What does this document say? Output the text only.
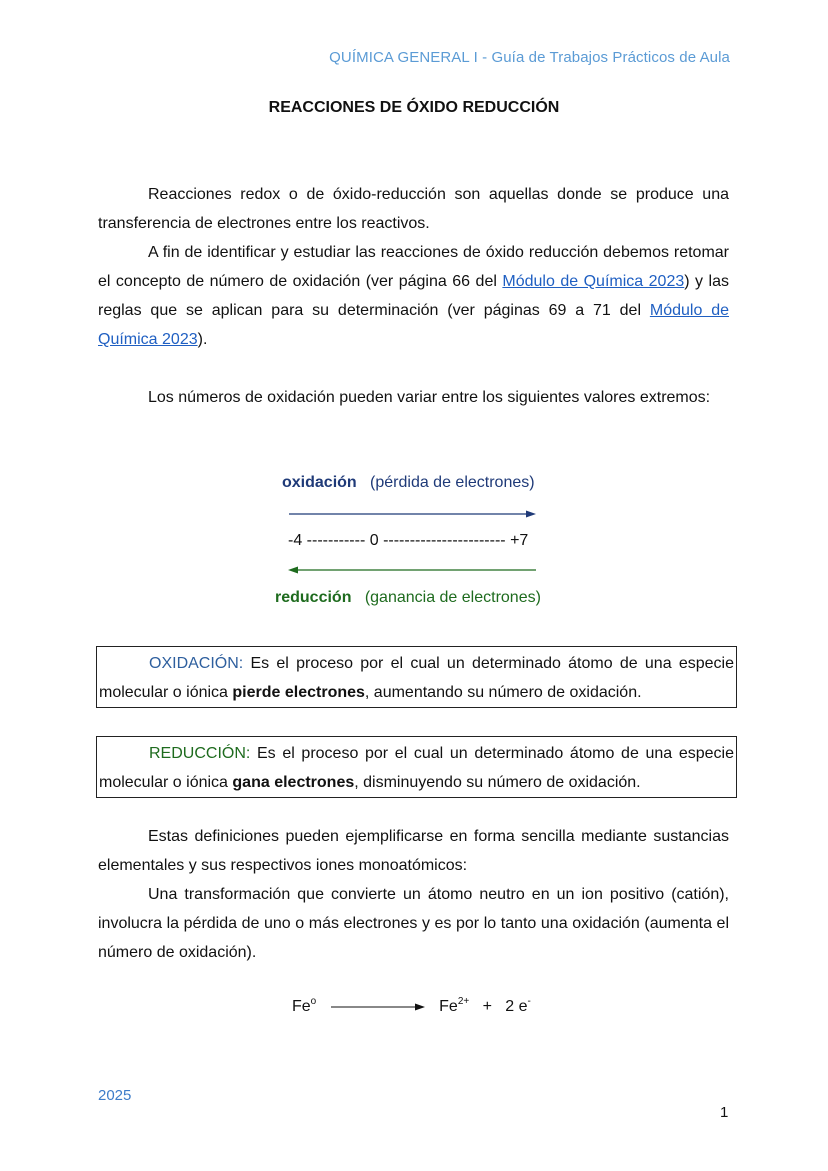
QUÍMICA GENERAL I - Guía de Trabajos Prácticos de Aula
REACCIONES DE ÓXIDO REDUCCIÓN

Reacciones redox o de óxido-reducción son aquellas donde se produce una transferencia de electrones entre los reactivos.

A fin de identificar y estudiar las reacciones de óxido reducción debemos retomar el concepto de número de oxidación (ver página 66 del Módulo de Química 2023) y las reglas que se aplican para su determinación (ver páginas 69 a 71 del Módulo de Química 2023).

Los números de oxidación pueden variar entre los siguientes valores extremos:

oxidación (pérdida de electrones)
-4 ----------- 0 ----------------------- +7
reducción (ganancia de electrones)
OXIDACIÓN: Es el proceso por el cual un determinado átomo de una especie molecular o iónica pierde electrones, aumentando su número de oxidación.
REDUCCIÓN: Es el proceso por el cual un determinado átomo de una especie molecular o iónica gana electrones, disminuyendo su número de oxidación.

Estas definiciones pueden ejemplificarse en forma sencilla mediante sustancias elementales y sus respectivos iones monoatómicos:

Una transformación que convierte un átomo neutro en un ion positivo (catión), involucra la pérdida de uno o más electrones y es por lo tanto una oxidación (aumenta el número de oxidación).

Fe$^o$	$Fe^{2+} + 2$ e-
2025
1
